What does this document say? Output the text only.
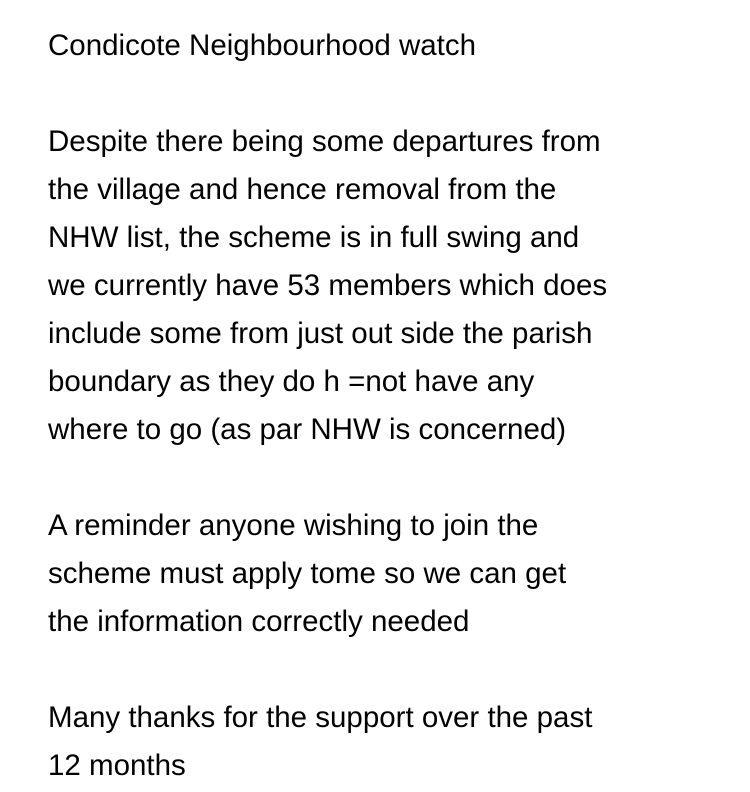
Condicote Neighbourhood watch
Despite there being some departures from
the village and hence removal from the
NHW list, the scheme is in full swing and
we currently have 53 members which does
include some from just out side the parish
boundary as they do h =not have any
where to go (as par NHW is concerned)
A reminder anyone wishing to join the
scheme must apply tome so we can get
the information correctly needed
Many thanks for the support over the past
12 months
